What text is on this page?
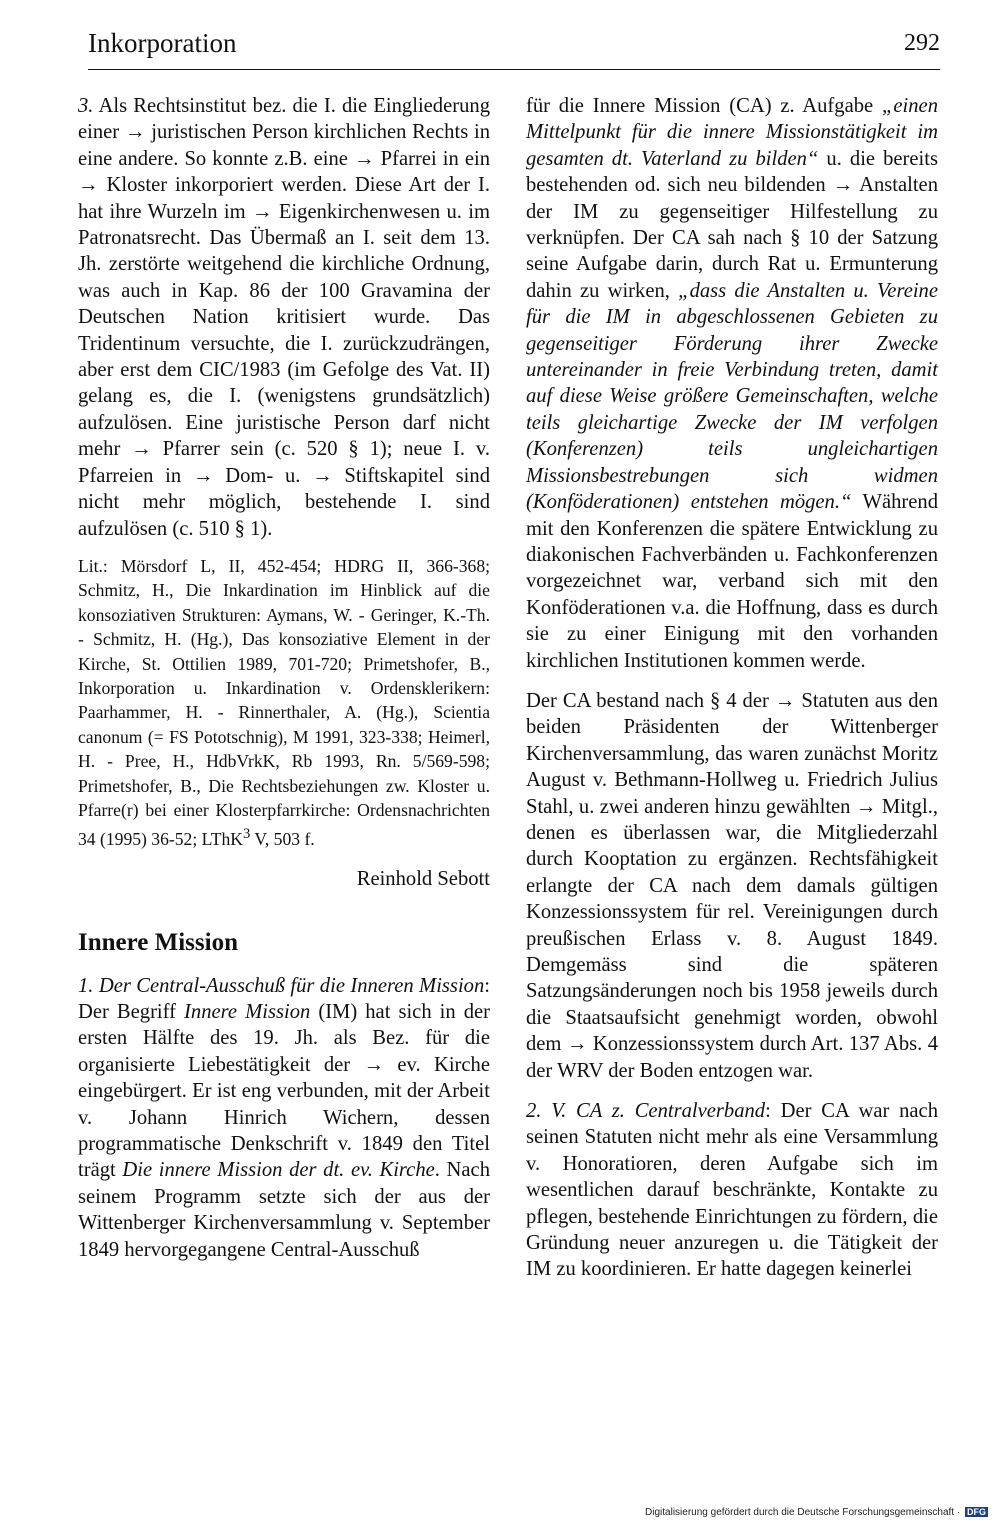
Inkorporation	292

3. Als Rechtsinstitut bez. die I. die Eingliederung einer → juristischen Person kirchlichen Rechts in eine andere. So konnte z.B. eine → Pfarrei in ein → Kloster inkorporiert werden. Diese Art der I. hat ihre Wurzeln im → Eigenkirchenwesen u. im Patronatsrecht. Das Übermaß an I. seit dem 13. Jh. zerstörte weitgehend die kirchliche Ordnung, was auch in Kap. 86 der 100 Gravamina der Deutschen Nation kritisiert wurde. Das Tridentinum versuchte, die I. zurückzudrängen, aber erst dem CIC/1983 (im Gefolge des Vat. II) gelang es, die I. (wenigstens grundsätzlich) aufzulösen. Eine juristische Person darf nicht mehr → Pfarrer sein (c. 520 § 1); neue I. v. Pfarreien in → Dom- u. → Stiftskapitel sind nicht mehr möglich, bestehende I. sind aufzulösen (c. 510 § 1).

Lit.: Mörsdorf L, II, 452-454; HDRG II, 366-368; Schmitz, H., Die Inkardination im Hinblick auf die konsoziativen Strukturen: Aymans, W. - Geringer, K.-Th. - Schmitz, H. (Hg.), Das konsoziative Element in der Kirche, St. Ottilien 1989, 701-720; Primetshofer, B., Inkorporation u. Inkardination v. Ordensklerikern: Paarhammer, H. - Rinnerthaler, A. (Hg.), Scientia canonum (= FS Pototschnig), M 1991, 323-338; Heimerl, H. - Pree, H., HdbVrkK, Rb 1993, Rn. 5/569-598; Primetshofer, B., Die Rechtsbeziehungen zw. Kloster u. Pfarre(r) bei einer Klosterpfarrkirche: Ordensnachrichten 34 (1995) 36-52; LThK$^3$ V, 503 f.

Reinhold Sebott

Innere Mission

1. Der Central-Ausschuß für die Inneren Mission: Der Begriff Innere Mission (IM) hat sich in der ersten Hälfte des 19. Jh. als Bez. für die organisierte Liebestätigkeit der → ev. Kirche eingebürgert. Er ist eng verbunden, mit der Arbeit v. Johann Hinrich Wichern, dessen programmatische Denkschrift v. 1849 den Titel trägt Die innere Mission der dt. ev. Kirche. Nach seinem Programm setzte sich der aus der Wittenberger Kirchenversammlung v. September 1849 hervorgegangene Central-Ausschuß

für die Innere Mission (CA) z. Aufgabe „einen Mittelpunkt für die innere Missionstätigkeit im gesamten dt. Vaterland zu bilden“ u. die bereits bestehenden od. sich neu bildenden → Anstalten der IM zu gegenseitiger Hilfestellung zu verknüpfen. Der CA sah nach § 10 der Satzung seine Aufgabe darin, durch Rat u. Ermunterung dahin zu wirken, „dass die Anstalten u. Vereine für die IM in abgeschlossenen Gebieten zu gegenseitiger Förderung ihrer Zwecke untereinander in freie Verbindung treten, damit auf diese Weise größere Gemeinschaften, welche teils gleichartige Zwecke der IM verfolgen (Konferenzen) teils ungleichartigen Missionsbestrebungen sich widmen (Konföderationen) entstehen mögen.“ Während mit den Konferenzen die spätere Entwicklung zu diakonischen Fachverbänden u. Fachkonferenzen vorgezeichnet war, verband sich mit den Konföderationen v.a. die Hoffnung, dass es durch sie zu einer Einigung mit den vorhanden kirchlichen Institutionen kommen werde.

Der CA bestand nach § 4 der → Statuten aus den beiden Präsidenten der Wittenberger Kirchenversammlung, das waren zunächst Moritz August v. Bethmann-Hollweg u. Friedrich Julius Stahl, u. zwei anderen hinzu gewählten → Mitgl., denen es überlassen war, die Mitgliederzahl durch Kooptation zu ergänzen. Rechtsfähigkeit erlangte der CA nach dem damals gültigen Konzessionssystem für rel. Vereinigungen durch preußischen Erlass v. 8. August 1849. Demgemäss sind die späteren Satzungsänderungen noch bis 1958 jeweils durch die Staatsaufsicht genehmigt worden, obwohl dem → Konzessionssystem durch Art. 137 Abs. 4 der WRV der Boden entzogen war.

2. V. CA z. Centralverband: Der CA war nach seinen Statuten nicht mehr als eine Versammlung v. Honoratioren, deren Aufgabe sich im wesentlichen darauf beschränkte, Kontakte zu pflegen, bestehende Einrichtungen zu fördern, die Gründung neuer anzuregen u. die Tätigkeit der IM zu koordinieren. Er hatte dagegen keinerlei

Digitalisierung gefördert durch die Deutsche Forschungsgemeinschaft · DFG
